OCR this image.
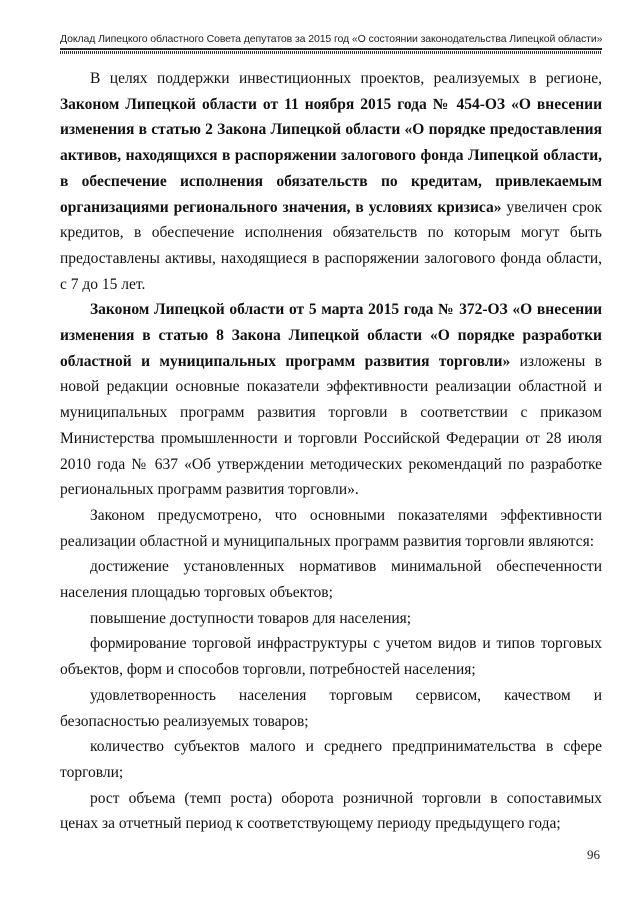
Доклад Липецкого областного Совета депутатов за 2015 год «О состоянии законодательства Липецкой области»

В целях поддержки инвестиционных проектов, реализуемых в регионе, Законом Липецкой области от 11 ноября 2015 года № 454-ОЗ «О внесении изменения в статью 2 Закона Липецкой области «О порядке предоставления активов, находящихся в распоряжении залогового фонда Липецкой области, в обеспечение исполнения обязательств по кредитам, привлекаемым организациями регионального значения, в условиях кризиса» увеличен срок кредитов, в обеспечение исполнения обязательств по которым могут быть предоставлены активы, находящиеся в распоряжении залогового фонда области, с 7 до 15 лет.

Законом Липецкой области от 5 марта 2015 года № 372-ОЗ «О внесении изменения в статью 8 Закона Липецкой области «О порядке разработки областной и муниципальных программ развития торговли» изложены в новой редакции основные показатели эффективности реализации областной и муниципальных программ развития торговли в соответствии с приказом Министерства промышленности и торговли Российской Федерации от 28 июля 2010 года № 637 «Об утверждении методических рекомендаций по разработке региональных программ развития торговли».

Законом предусмотрено, что основными показателями эффективности реализации областной и муниципальных программ развития торговли являются:

достижение установленных нормативов минимальной обеспеченности населения площадью торговых объектов;

повышение доступности товаров для населения;

формирование торговой инфраструктуры с учетом видов и типов торговых объектов, форм и способов торговли, потребностей населения;

удовлетворенность населения торговым сервисом, качеством и безопасностью реализуемых товаров;

количество субъектов малого и среднего предпринимательства в сфере торговли;

рост объема (темп роста) оборота розничной торговли в сопоставимых ценах за отчетный период к соответствующему периоду предыдущего года;

96
